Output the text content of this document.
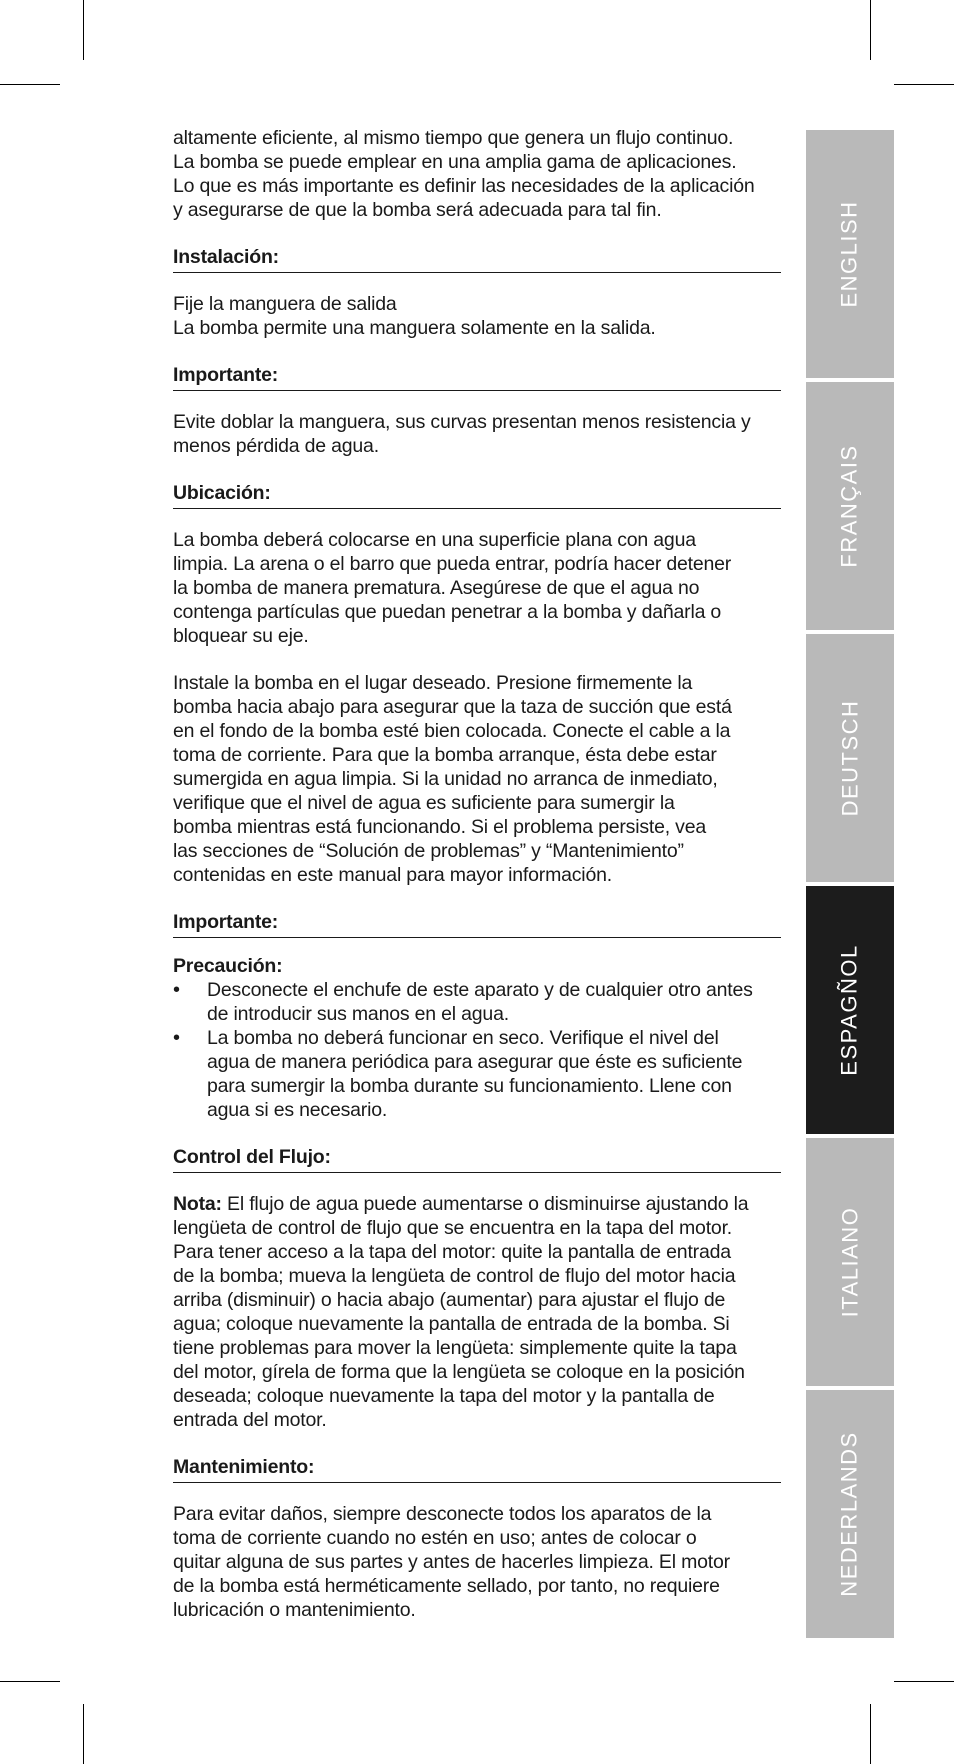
altamente eficiente, al mismo tiempo que genera un flujo continuo.

La bomba se puede emplear en una amplia gama de aplicaciones.

Lo que es más importante es definir las necesidades de la aplicación

y asegurarse de que la bomba será adecuada para tal fin.

Instalación:

Fije la manguera de salida

La bomba permite una manguera solamente en la salida.

Importante:

Evite doblar la manguera, sus curvas presentan menos resistencia y

menos pérdida de agua.

Ubicación:

La bomba deberá colocarse en una superficie plana con agua

limpia. La arena o el barro que pueda entrar, podría hacer detener

la bomba de manera prematura. Asegúrese de que el agua no

contenga partículas que puedan penetrar a la bomba y dañarla o

bloquear su eje.

Instale la bomba en el lugar deseado. Presione firmemente la

bomba hacia abajo para asegurar que la taza de succión que está

en el fondo de la bomba esté bien colocada. Conecte el cable a la

toma de corriente. Para que la bomba arranque, ésta debe estar

sumergida en agua limpia. Si la unidad no arranca de inmediato,

verifique que el nivel de agua es suficiente para sumergir la

bomba mientras está funcionando. Si el problema persiste, vea

las secciones de “Solución de problemas” y “Mantenimiento”

contenidas en este manual para mayor información.

Importante:

Precaución:

• Desconecte el enchufe de este aparato y de cualquier otro antes
de introducir sus manos en el agua.
• La bomba no deberá funcionar en seco. Verifique el nivel del
agua de manera periódica para asegurar que éste es suficiente
para sumergir la bomba durante su funcionamiento. Llene con
agua si es necesario.

Control del Flujo:

Nota: El flujo de agua puede aumentarse o disminuirse ajustando la

lengüeta de control de flujo que se encuentra en la tapa del motor.

Para tener acceso a la tapa del motor: quite la pantalla de entrada

de la bomba; mueva la lengüeta de control de flujo del motor hacia

arriba (disminuir) o hacia abajo (aumentar) para ajustar el flujo de

agua; coloque nuevamente la pantalla de entrada de la bomba. Si

tiene problemas para mover la lengüeta: simplemente quite la tapa

del motor, gírela de forma que la lengüeta se coloque en la posición

deseada; coloque nuevamente la tapa del motor y la pantalla de

entrada del motor.

Mantenimiento:

Para evitar daños, siempre desconecte todos los aparatos de la

toma de corriente cuando no estén en uso; antes de colocar o

quitar alguna de sus partes y antes de hacerles limpieza. El motor

de la bomba está herméticamente sellado, por tanto, no requiere

lubricación o mantenimiento.

ENGLISH
FRANÇAIS
DEUTSCH
ESPAGÑOL
ITALIANO
NEDERLANDS
